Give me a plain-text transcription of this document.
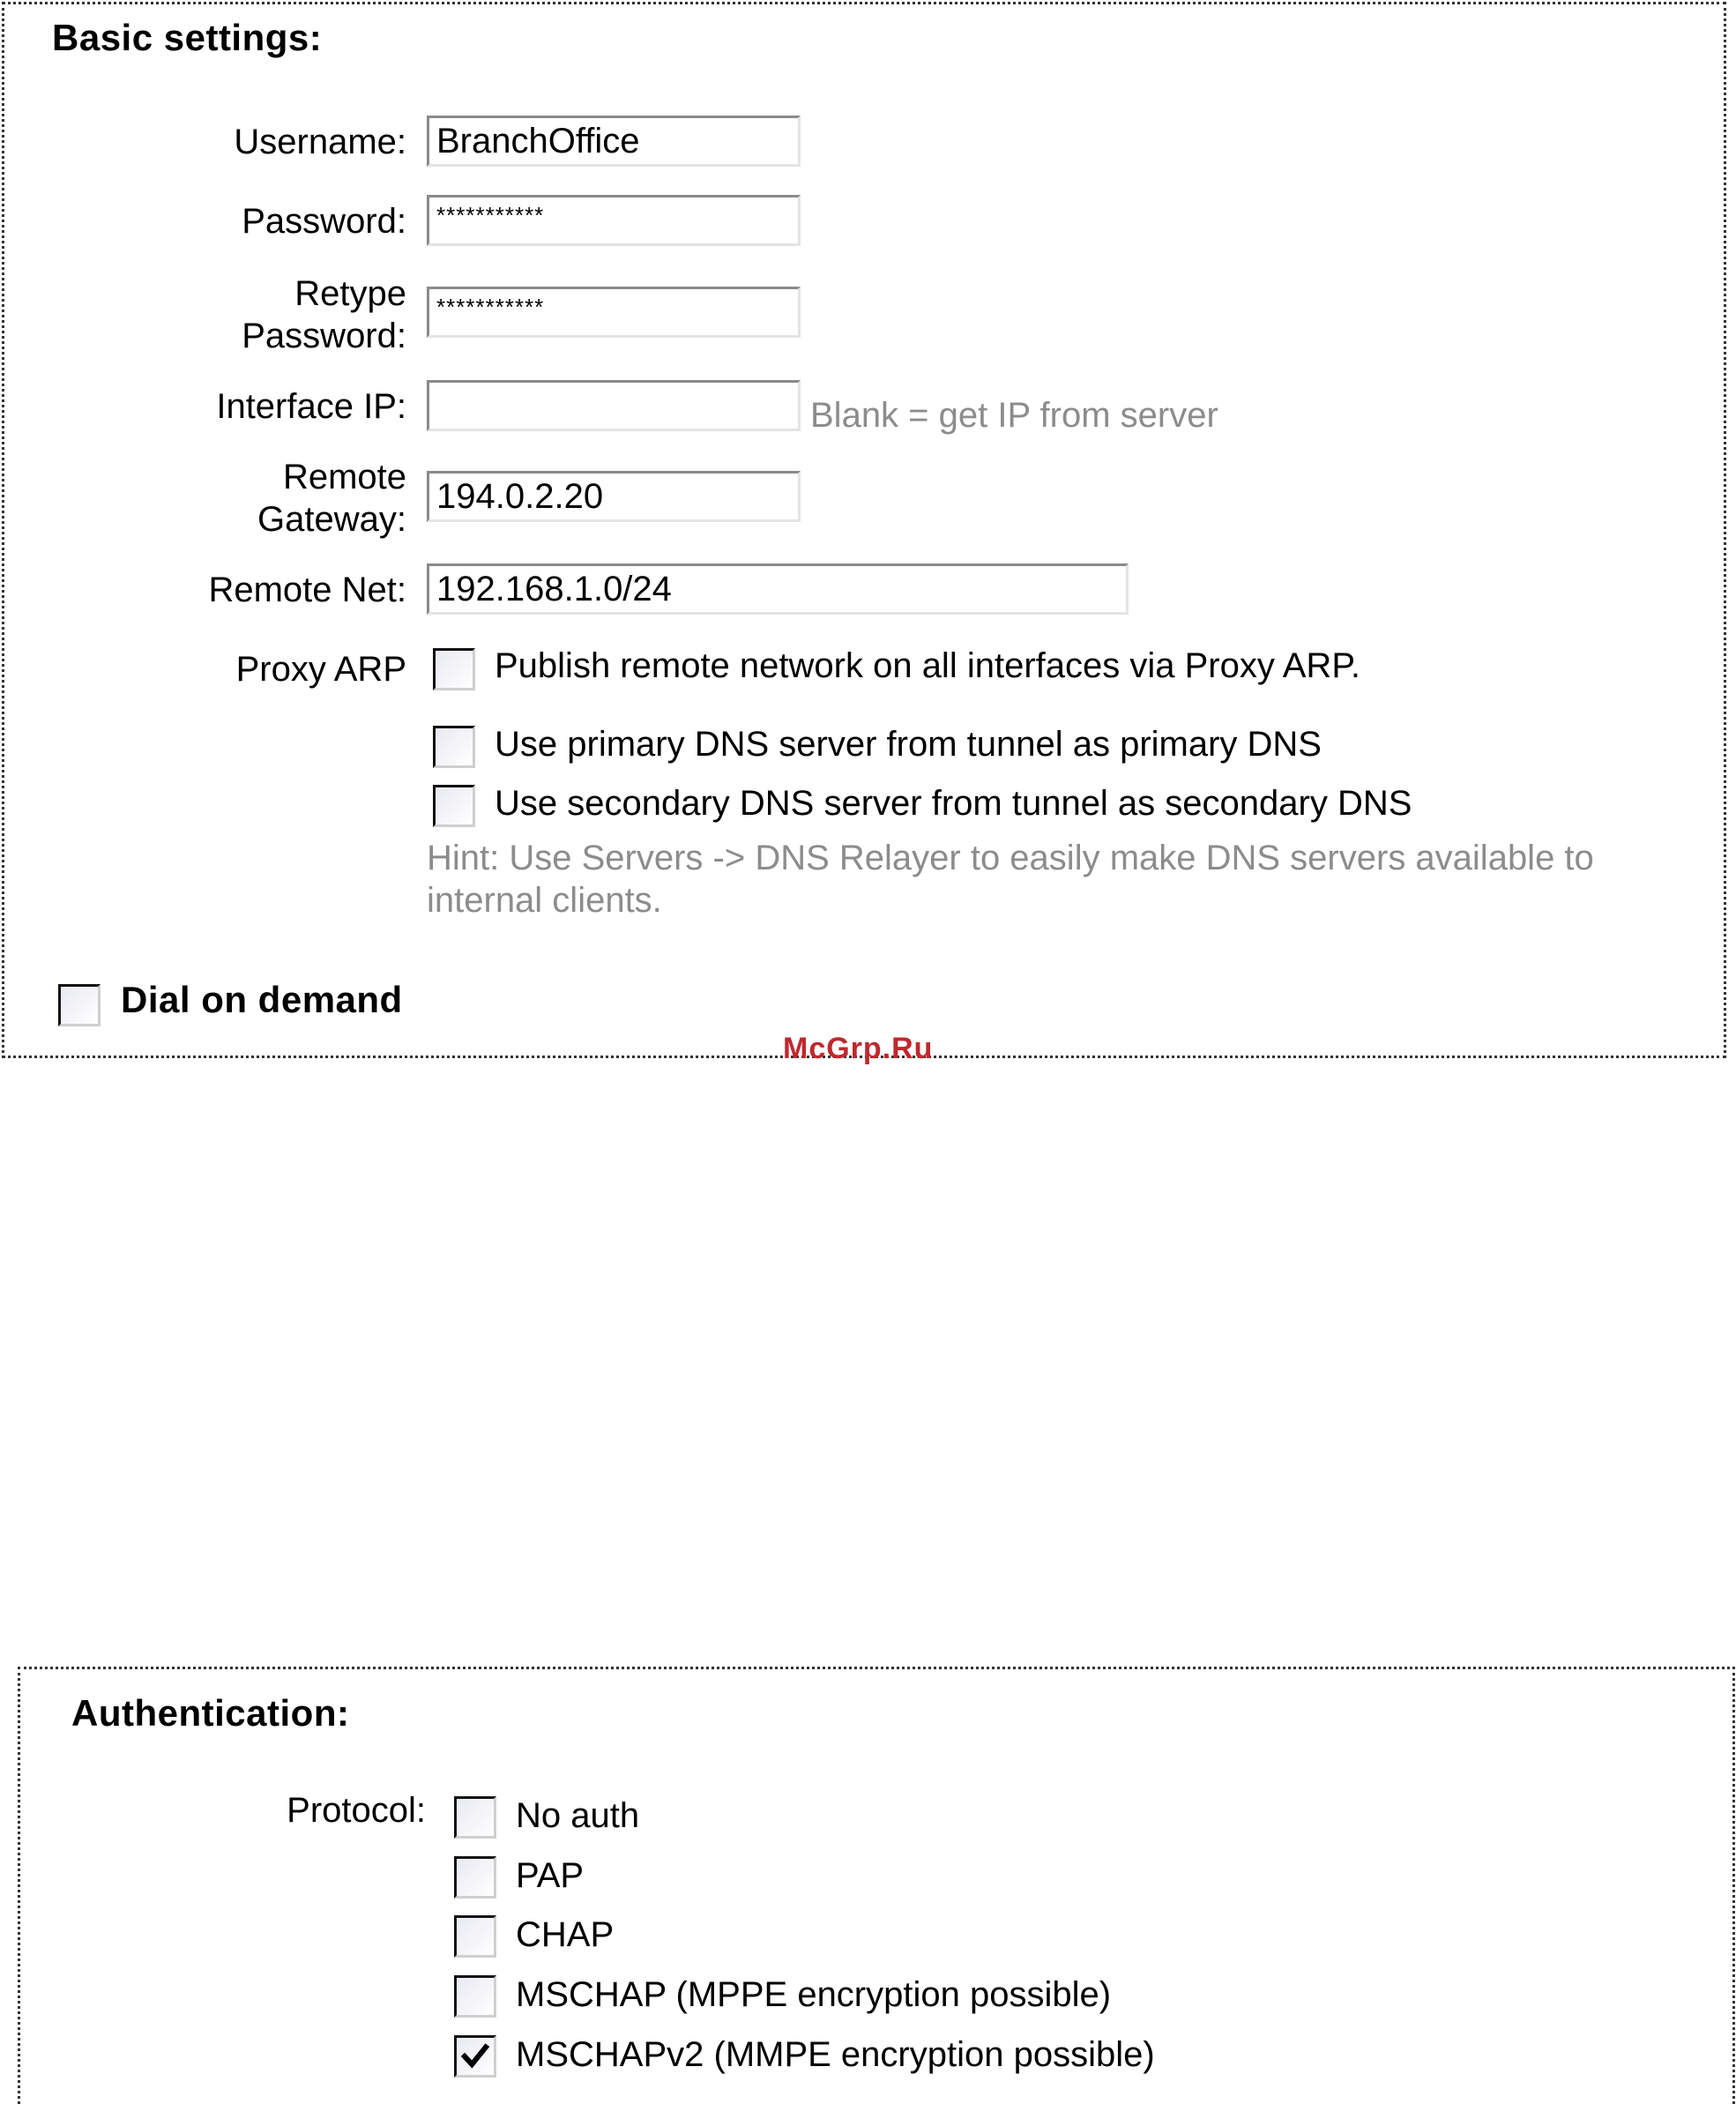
Basic settings:
Username: BranchOffice
Password:	***********
Retype
Password:
***********
Interface IP:	Blank = get IP from server
Remote
Gateway:
194.0.2.20
Remote Net: 192.168.1.0/24
Proxy ARP	Publish remote network on all interfaces via Proxy ARP.
Use primary DNS server from tunnel as primary DNS
Use secondary DNS server from tunnel as secondary DNS
Hint: Use Servers -> DNS Relayer to easily make DNS servers available to internal clients.
Dial on demand
McGrp.Ru
Authentication:
Protocol:	No auth
PAP
CHAP
MSCHAP (MPPE encryption possible)
MSCHAPv2 (MMPE encryption possible)
